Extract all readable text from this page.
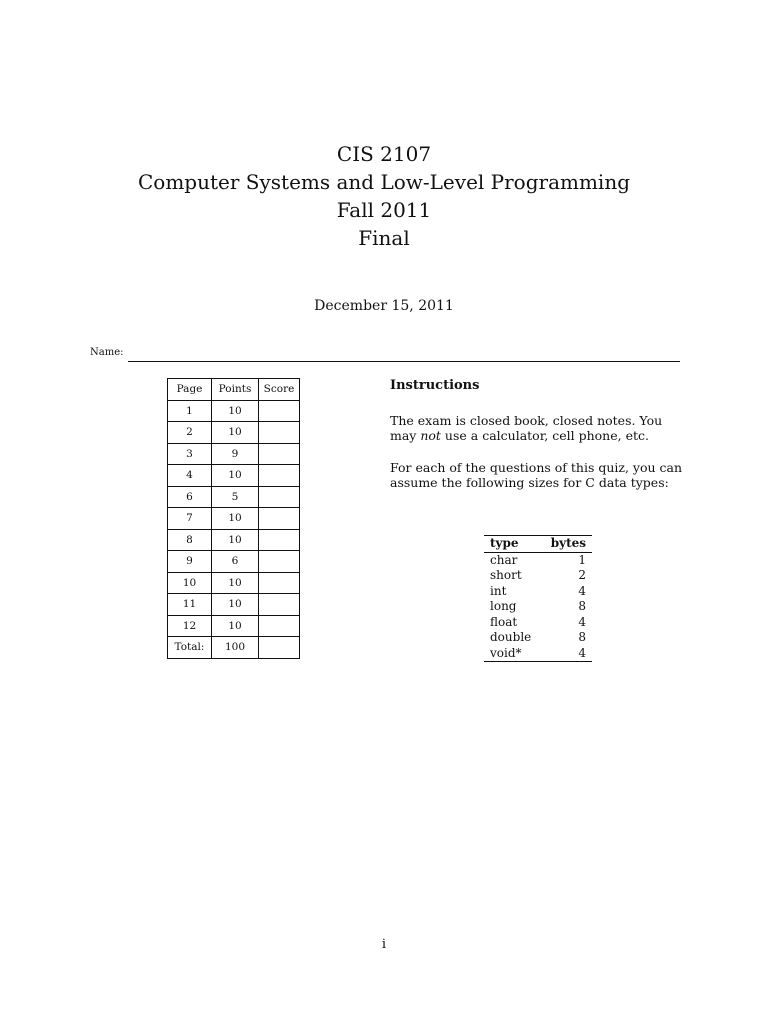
CIS 2107
Computer Systems and Low-Level Programming
Fall 2011
Final
December 15, 2011
Name:
Page	Points	Score
1	10	
2	10	
3	9	
4	10	
6	5	
7	10	
8	10	
9	6	
10	10	
11	10	
12	10	
Total:	100	
Instructions
The exam is closed book, closed notes. You may not use a calculator, cell phone, etc.
For each of the questions of this quiz, you can assume the following sizes for C data types:
type	bytes
char	1
short	2
int	4
long	8
float	4
double	8
void*	4
i
